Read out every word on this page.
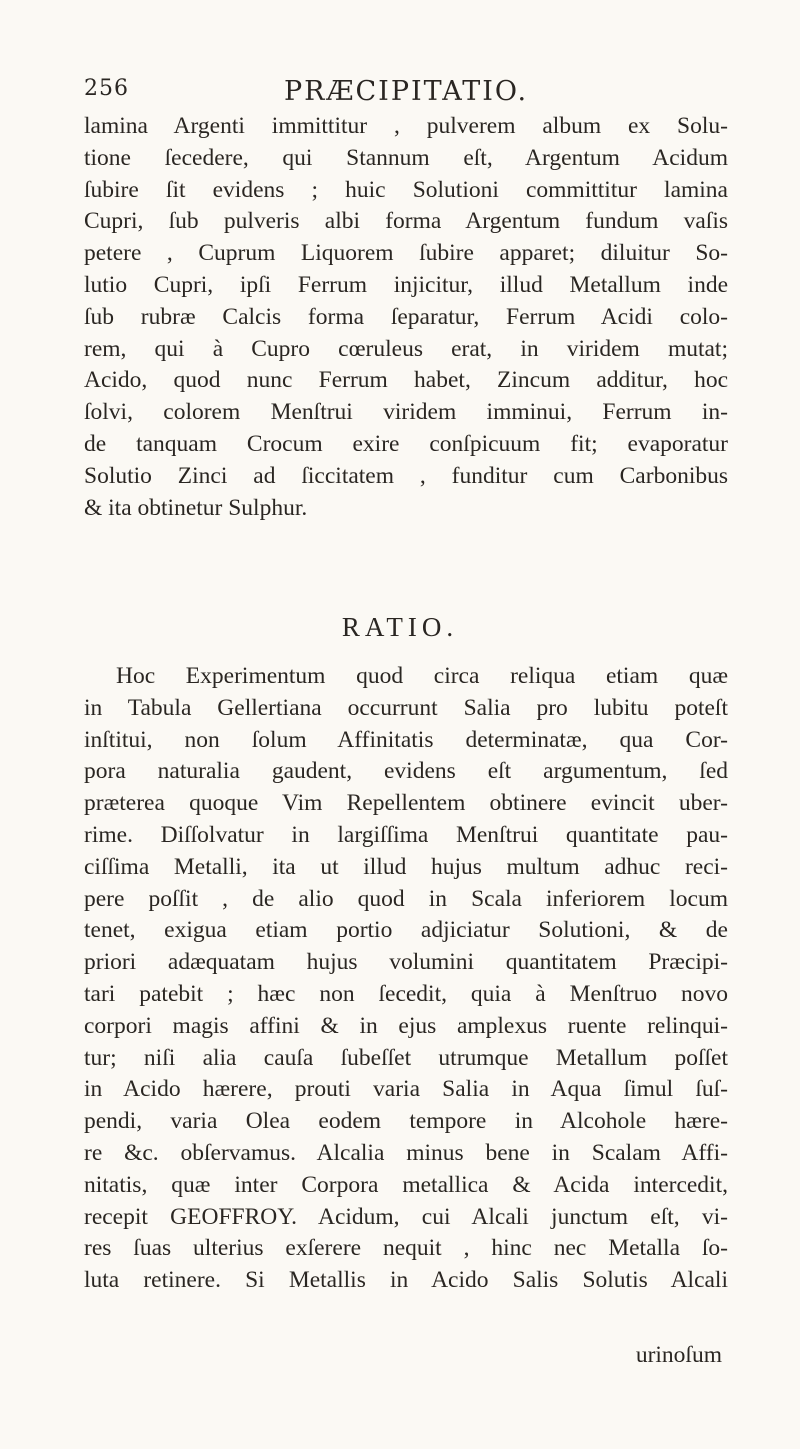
256	PRÆCIPITATIO.
lamina Argenti immittitur , pulverem album ex Solu-
tione ſecedere, qui Stannum eſt, Argentum Acidum
ſubire ſit evidens ; huic Solutioni committitur lamina
Cupri, ſub pulveris albi forma Argentum fundum vaſis
petere , Cuprum Liquorem ſubire apparet; diluitur So-
lutio Cupri, ipſi Ferrum injicitur, illud Metallum inde
ſub rubræ Calcis forma ſeparatur, Ferrum Acidi colo-
rem, qui à Cupro cœruleus erat, in viridem mutat;
Acido, quod nunc Ferrum habet, Zincum additur, hoc
ſolvi, colorem Menſtrui viridem imminui, Ferrum in-
de tanquam Crocum exire conſpicuum fit; evaporatur
Solutio Zinci ad ſiccitatem , funditur cum Carbonibus
& ita obtinetur Sulphur.
RATIO.
Hoc Experimentum quod circa reliqua etiam quæ
in Tabula Gellertiana occurrunt Salia pro lubitu poteſt
inſtitui, non ſolum Affinitatis determinatæ, qua Cor-
pora naturalia gaudent, evidens eſt argumentum, ſed
præterea quoque Vim Repellentem obtinere evincit uber-
rime. Diſſolvatur in largiſſima Menſtrui quantitate pau-
ciſſima Metalli, ita ut illud hujus multum adhuc reci-
pere poſſit , de alio quod in Scala inferiorem locum
tenet, exigua etiam portio adjiciatur Solutioni, & de
priori adæquatam hujus volumini quantitatem Præcipi-
tari patebit ; hæc non ſecedit, quia à Menſtruo novo
corpori magis affini & in ejus amplexus ruente relinqui-
tur; niſi alia cauſa ſubeſſet utrumque Metallum poſſet
in Acido hærere, prouti varia Salia in Aqua ſimul ſuſ-
pendi, varia Olea eodem tempore in Alcohole hære-
re &c. obſervamus. Alcalia minus bene in Scalam Affi-
nitatis, quæ inter Corpora metallica & Acida intercedit,
recepit GEOFFROY. Acidum, cui Alcali junctum eſt, vi-
res ſuas ulterius exſerere nequit , hinc nec Metalla ſo-
luta retinere. Si Metallis in Acido Salis Solutis Alcali
urinoſum
